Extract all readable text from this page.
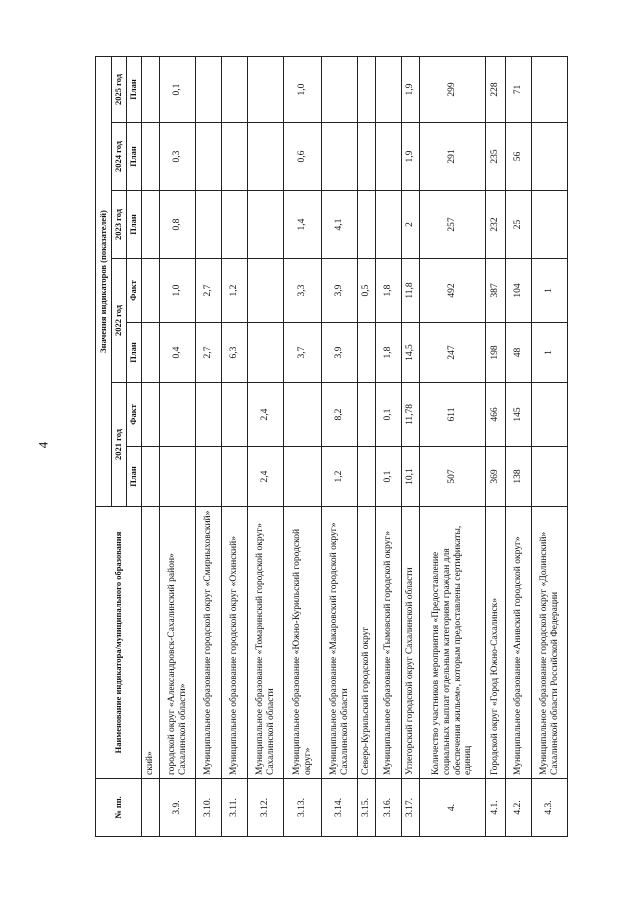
4
№ пп.	Наименование индикатора/муниципального образования	Значения индикаторов (показателей)						
		2021 год		2022 год		2023 год	2024 год	2025 год
		План	Факт	План	Факт	План	План	План
	ский»							
3.9.	городской округ «Александровск-Сахалинский район» Сахалинской области»			0,4	1,0	0,8	0,3	0,1
3.10.	Муниципальное образование городской округ «Смирныховский»			2,7	2,7			
3.11.	Муниципальное образование городской округ «Охинский»			6,3	1,2			
3.12.	Муниципальное образование «Томаринский городской округ» Сахалинской области	2,4	2,4					
3.13.	Муниципальное образование «Южно-Курильский городской округ»			3,7	3,3	1,4	0,6	1,0
3.14.	Муниципальное образование «Макаровский городской округ» Сахалинской области	1,2	8,2	3,9	3,9	4,1		
3.15.	Северо-Курильский городской округ				0,5			
3.16.	Муниципальное образование «Тымовский городской округ»	0,1	0,1	1,8	1,8			
3.17.	Углегорский городской округ Сахалинской области	10,1	11,78	14,5	11,8	2	1,9	1,9
4.	Количество участников мероприятия «Предоставление социальных выплат отдельным категориям граждан для обеспечения жильем», которым предоставлены сертификаты, единиц	507	611	247	492	257	291	299
4.1.	Городской округ «Город Южно-Сахалинск»	369	466	198	387	232	235	228
4.2.	Муниципальное образование «Анивский городской округ»	138	145	48	104	25	56	71
4.3.	Муниципальное образование городской округ «Долинский» Сахалинской области Российской Федерации			1	1			
